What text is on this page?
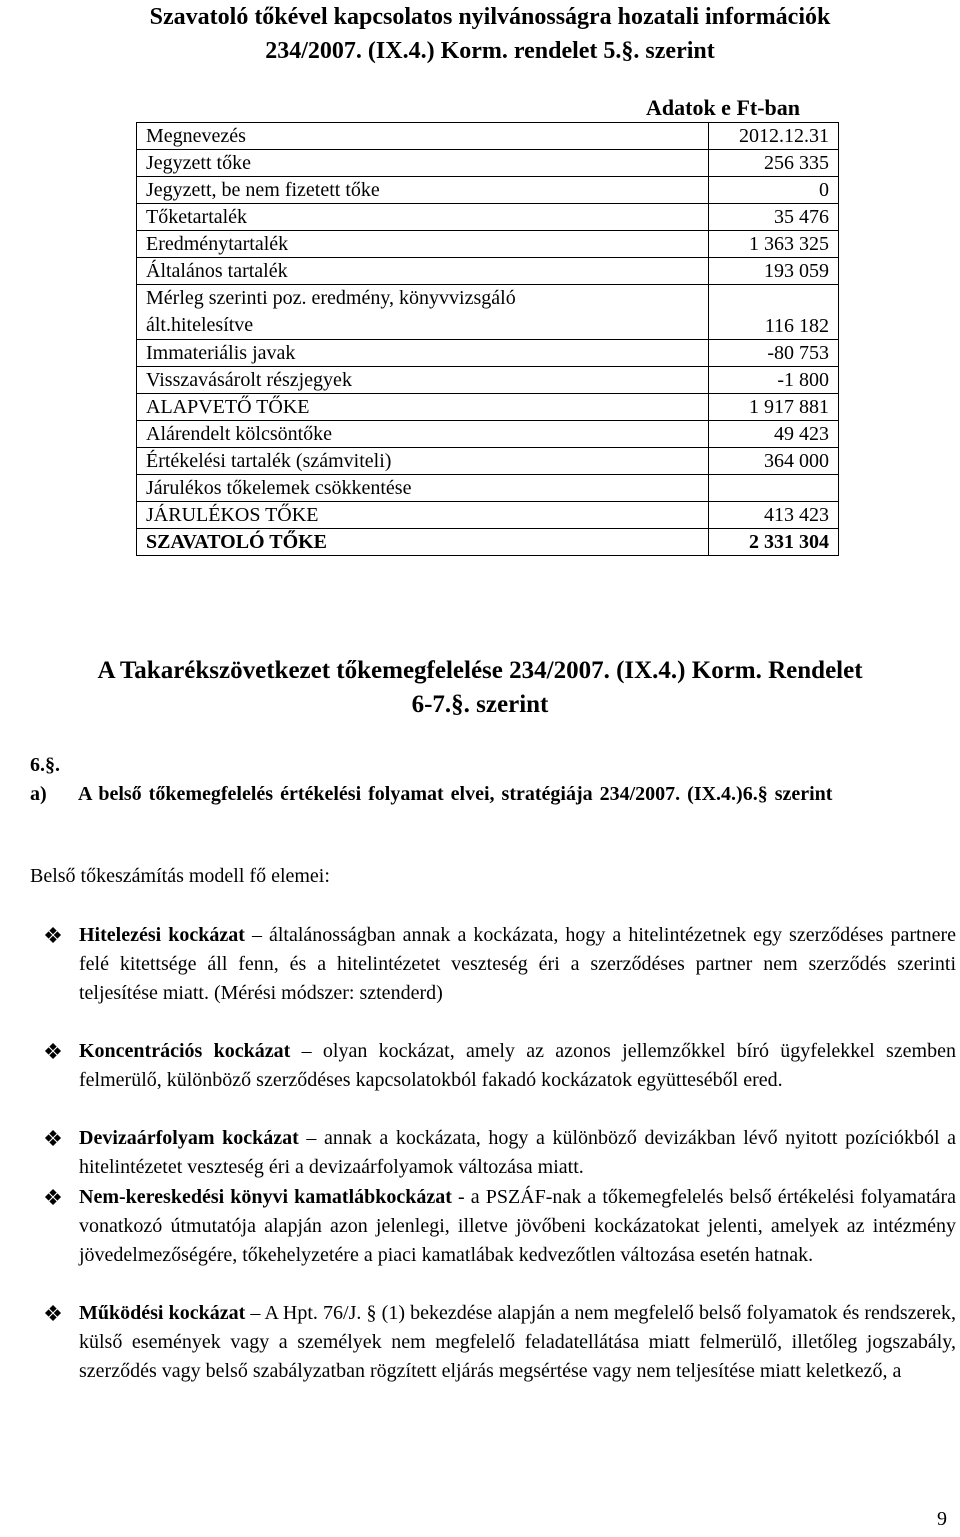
Szavatoló tőkével kapcsolatos nyilvánosságra hozatali információk
234/2007. (IX.4.) Korm. rendelet 5.§. szerint
Adatok e Ft-ban
Megnevezés	2012.12.31
Jegyzett tőke	256 335
Jegyzett, be nem fizetett tőke	0
Tőketartalék	35 476
Eredménytartalék	1 363 325
Általános tartalék	193 059

Mérleg szerinti poz. eredmény, könyvvizsgáló
ált.hitelesítve	116 182
Immateriális javak	-80 753
Visszavásárolt részjegyek	-1 800
ALAPVETŐ TŐKE	1 917 881
Alárendelt kölcsöntőke	49 423
Értékelési tartalék (számviteli)	364 000
Járulékos tőkelemek csökkentése	
JÁRULÉKOS TŐKE	413 423
SZAVATOLÓ TŐKE	2 331 304
A Takarékszövetkezet tőkemegfelelése 234/2007. (IX.4.) Korm. Rendelet
6-7.§. szerint
6.§.
a) A belső tőkemegfelelés értékelési folyamat elvei, stratégiája 234/2007. (IX.4.)6.§ szerint
Belső tőkeszámítás modell fő elemei:
❖ Hitelezési kockázat – általánosságban annak a kockázata, hogy a hitelintézetnek egy szerződéses partnere felé kitettsége áll fenn, és a hitelintézetet veszteség éri a szerződéses partner nem szerződés szerinti teljesítése miatt. (Mérési módszer: sztenderd)
❖ Koncentrációs kockázat – olyan kockázat, amely az azonos jellemzőkkel bíró ügyfelekkel szemben felmerülő, különböző szerződéses kapcsolatokból fakadó kockázatok együtteséből ered.
❖ Devizaárfolyam kockázat – annak a kockázata, hogy a különböző devizákban lévő nyitott pozíciókból a hitelintézetet veszteség éri a devizaárfolyamok változása miatt.
❖ Nem-kereskedési könyvi kamatlábkockázat - a PSZÁF-nak a tőkemegfelelés belső értékelési folyamatára vonatkozó útmutatója alapján azon jelenlegi, illetve jövőbeni kockázatokat jelenti, amelyek az intézmény jövedelmezőségére, tőkehelyzetére a piaci kamatlábak kedvezőtlen változása esetén hatnak.
❖ Működési kockázat – A Hpt. 76/J. § (1) bekezdése alapján a nem megfelelő belső folyamatok és rendszerek, külső események vagy a személyek nem megfelelő feladatellátása miatt felmerülő, illetőleg jogszabály, szerződés vagy belső szabályzatban rögzített eljárás megsértése vagy nem teljesítése miatt keletkező, a
9
